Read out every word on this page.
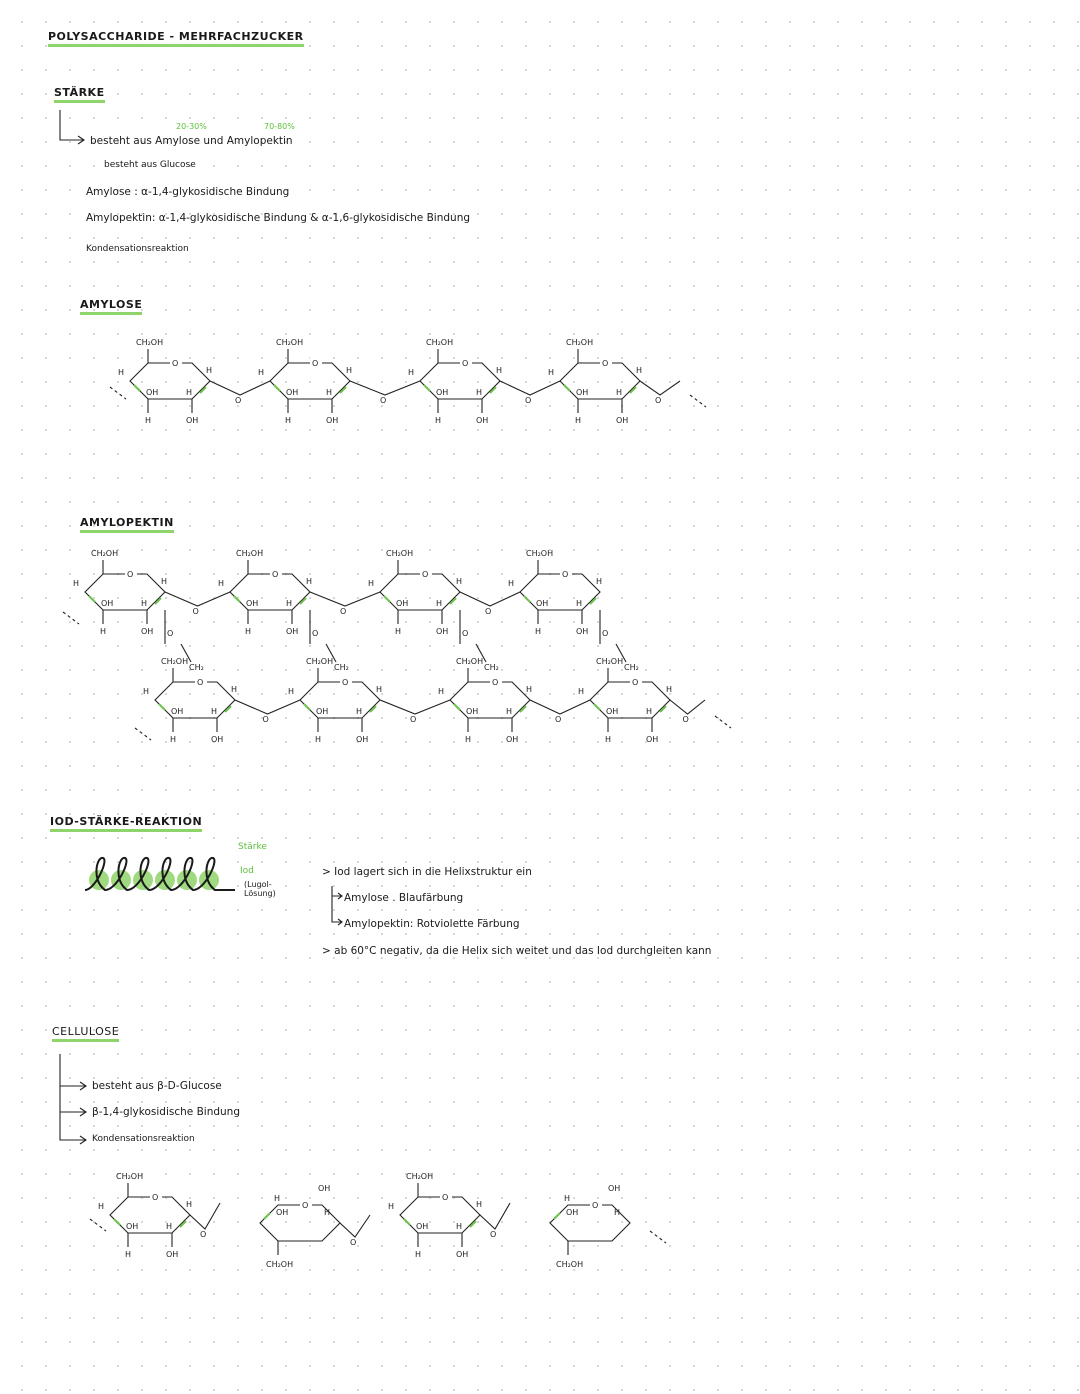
POLYSACCHARIDE - MEHRFACHZUCKER
STÄRKE
20-30%	70-80%
besteht aus Amylose und Amylopektin
besteht aus Glucose
Amylose : α-1,4-glykosidische Bindung
Amylopektin: α-1,4-glykosidische Bindung & α-1,6-glykosidische Bindung
Kondensationsreaktion
AMYLOSE
O
CH₂OH
H	H
OH	H
H	OH
O
O
CH₂OH
H	H
OH	H
H	OH
O
O
CH₂OH
H	H
OH	H
H	OH
O
O
CH₂OH
H	H
OH	H
H	OH
O
AMYLOPEKTIN
O
CH₂OH
H	H
OH	H
H	OH
O
O
CH₂
O
CH₂OH
H	H
OH	H
H	OH
O
O
CH₂
O
CH₂OH
H	H
OH	H
H	OH
O
O
CH₂
O
CH₂OH
H	H
OH	H
H	OH O
CH₂
O
CH₂OH
H	H
OH	H
H	OH
O
O
CH₂OH
H	H
OH	H
H	OH
O
O
CH₂OH
H	H
OH	H
H	OH
O
O
CH₂OH
H	H
OH	H
H	OH
O
IOD-STÄRKE-REAKTION
Stärke
Iod
(Lugol-
Lösung)
> Iod lagert sich in die Helixstruktur ein
Amylose . Blaufärbung
Amylopektin: Rotviolette Färbung
> ab 60°C negativ, da die Helix sich weitet und das Iod durchgleiten kann
CELLULOSE
besteht aus β-D-Glucose
β-1,4-glykosidische Bindung
Kondensationsreaktion
O
CH₂OH
H	H
OH	H
H	OH
O
O
OH
H
OH
H
CH₂OH
O
O
CH₂OH
H	H
OH	H
H	OH
O
O
OH
H
OH
H
CH₂OH
